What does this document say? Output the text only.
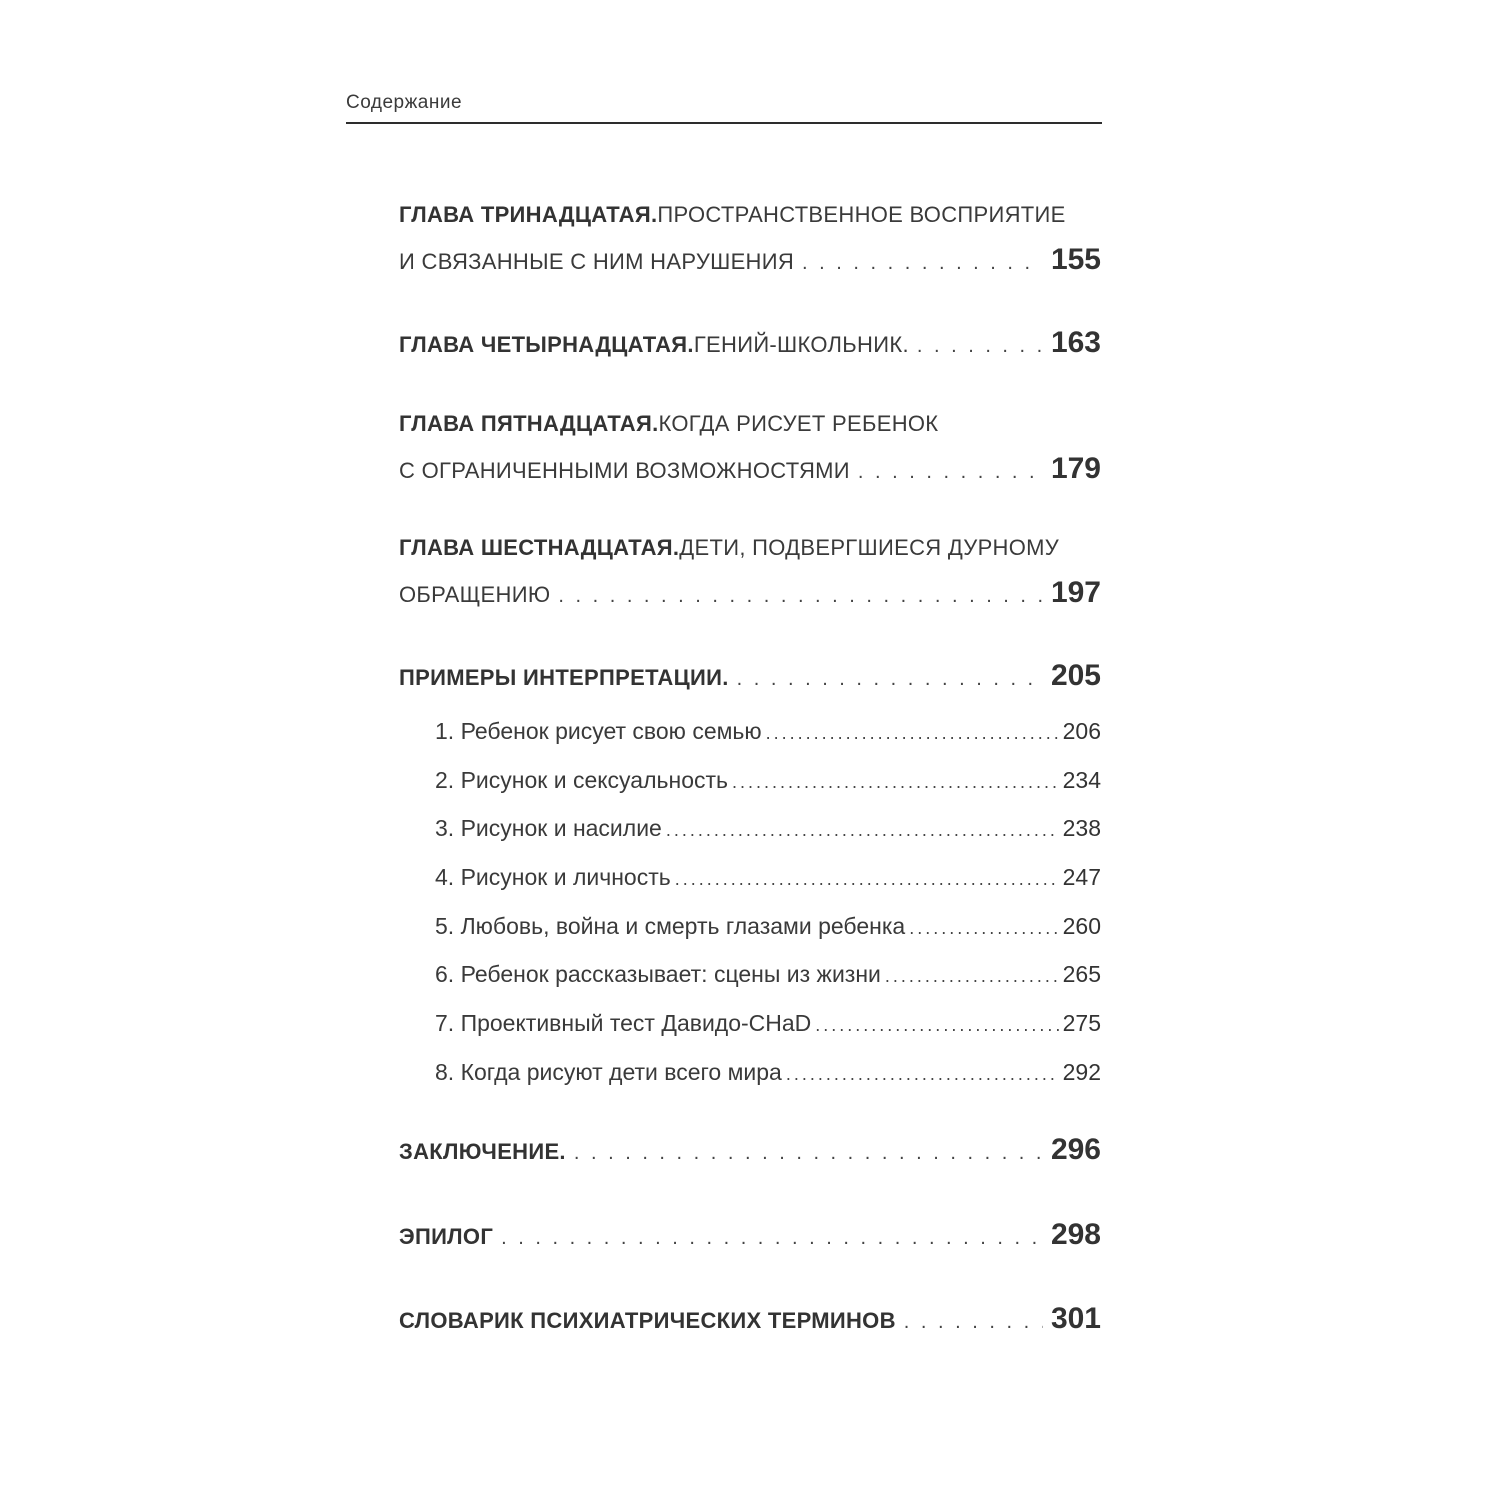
Содержание
ГЛАВА ТРИНАДЦАТАЯ. ПРОСТРАНСТВЕННОЕ ВОСПРИЯТИЕ
И СВЯЗАННЫЕ С НИМ НАРУШЕНИЯ . . .	155
ГЛАВА ЧЕТЫРНАДЦАТАЯ. ГЕНИЙ-ШКОЛЬНИК. . . .	163
ГЛАВА ПЯТНАДЦАТАЯ. КОГДА РИСУЕТ РЕБЕНОК
С ОГРАНИЧЕННЫМИ ВОЗМОЖНОСТЯМИ . . .	179
ГЛАВА ШЕСТНАДЦАТАЯ. ДЕТИ, ПОДВЕРГШИЕСЯ ДУРНОМУ
ОБРАЩЕНИЮ . . .	197
ПРИМЕРЫ ИНТЕРПРЕТАЦИИ. . . .	205
1. Ребенок рисует свою семью .....	206
2. Рисунок и сексуальность .....	234
3. Рисунок и насилие .....	238
4. Рисунок и личность .....	247
5. Любовь, война и смерть глазами ребенка .....	260
6. Ребенок рассказывает: сцены из жизни .....	265
7. Проективный тест Давидо-CHaD .....	275
8. Когда рисуют дети всего мира .....	292
ЗАКЛЮЧЕНИЕ. . . .	296
ЭПИЛОГ . . .	298
СЛОВАРИК ПСИХИАТРИЧЕСКИХ ТЕРМИНОВ . . .	301
